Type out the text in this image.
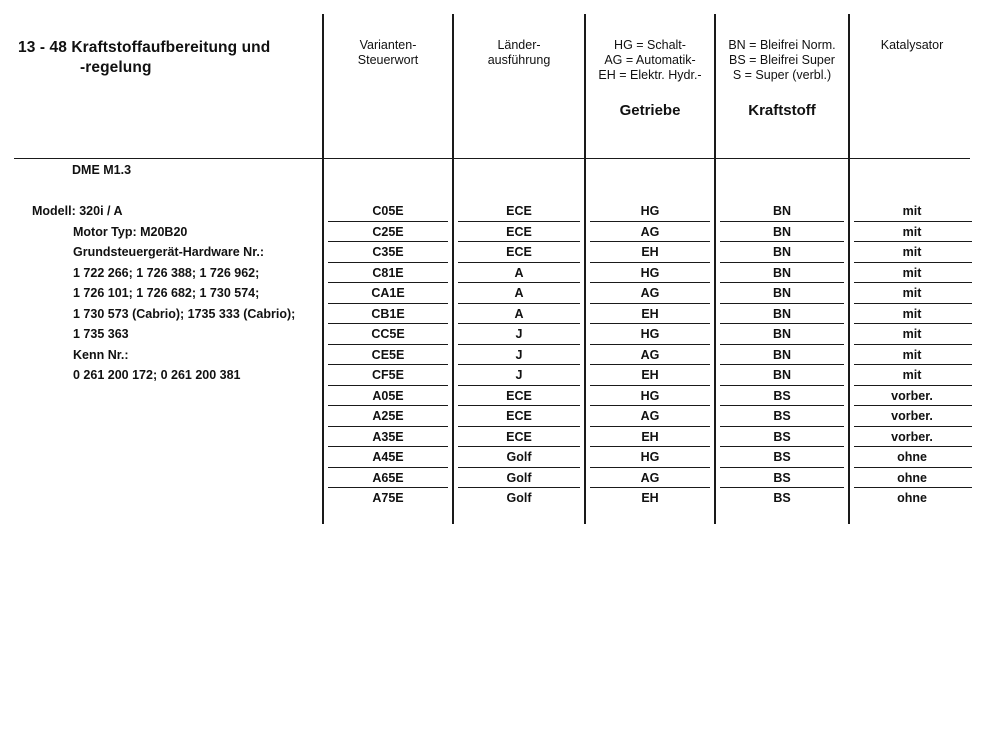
13 - 48 Kraftstoffaufbereitung und
-regelung
Varianten-
Steuerwort
Länder-
ausführung
HG = Schalt-
AG = Automatik-
EH = Elektr. Hydr.-
Getriebe
BN = Bleifrei Norm.
BS = Bleifrei Super
S = Super (verbl.)
Kraftstoff
Katalysator
DME M1.3
Modell: 320i / A
Motor Typ: M20B20
Grundsteuergerät-Hardware Nr.:
1 722 266; 1 726 388; 1 726 962;
1 726 101; 1 726 682; 1 730 574;
1 730 573 (Cabrio); 1735 333 (Cabrio);
1 735 363
Kenn Nr.:
0 261 200 172; 0 261 200 381
C05E	ECE	HG	BN	mit
C25E	ECE	AG	BN	mit
C35E	ECE	EH	BN	mit
C81E	A	HG	BN	mit
CA1E	A	AG	BN	mit
CB1E	A	EH	BN	mit
CC5E	J	HG	BN	mit
CE5E	J	AG	BN	mit
CF5E	J	EH	BN	mit
A05E	ECE	HG	BS	vorber.
A25E	ECE	AG	BS	vorber.
A35E	ECE	EH	BS	vorber.
A45E	Golf	HG	BS	ohne
A65E	Golf	AG	BS	ohne
A75E	Golf	EH	BS	ohne
